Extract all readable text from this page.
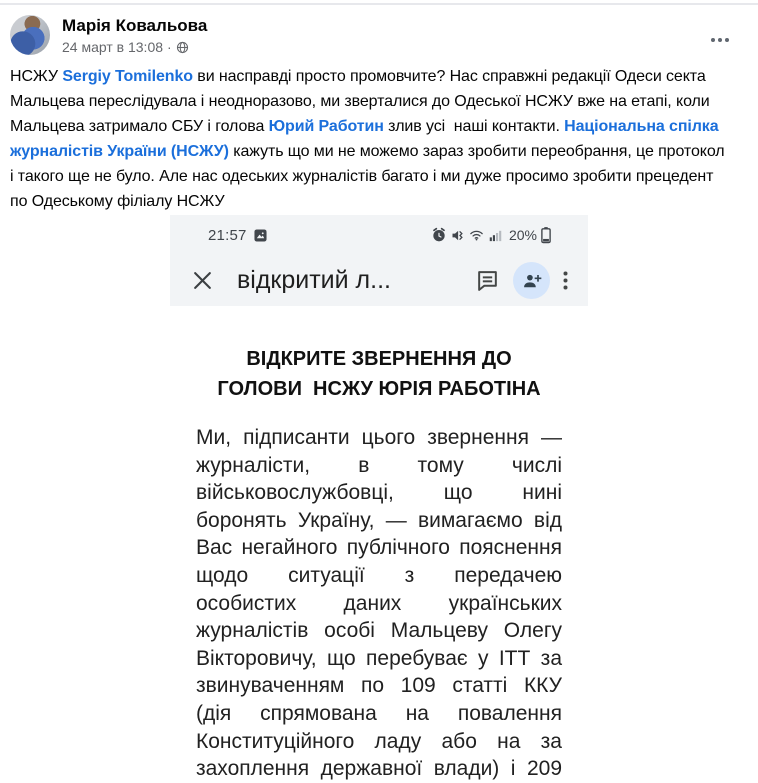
Марія Ковальова
24 март в 13:08 ·
НСЖУ Sergiy Tomilenko ви насправді просто промовчите? Нас справжні редакції Одеси секта
Мальцева переслідувала і неодноразово, ми зверталися до Одеської НСЖУ вже на етапі, коли
Мальцева затримало СБУ і голова Юрий Работин злив усі  наші контакти. Національна спілка
журналістів України (НСЖУ) кажуть що ми не можемо зараз зробити переобрання, це протокол
і такого ще не було. Але нас одеських журналістів багато і ми дуже просимо зробити прецедент
по Одеському філіалу НСЖУ
21:57	20%
відкритий л...
ВІДКРИТЕ ЗВЕРНЕННЯ ДО
ГОЛОВИ  НСЖУ ЮРІЯ РАБОТІНА
Ми, підписанти цього звернення —
журналісти, в тому числі
військовослужбовці, що нині
боронять Україну, — вимагаємо від
Вас негайного публічного пояснення
щодо ситуації з передачею
особистих даних українських
журналістів особі Мальцеву Олегу
Вікторовичу, що перебуває у ІТТ за
звинуваченням по 109 статті ККУ
(дія спрямована на повалення
Конституційного ладу або на за
захоплення державної влади) і 209
